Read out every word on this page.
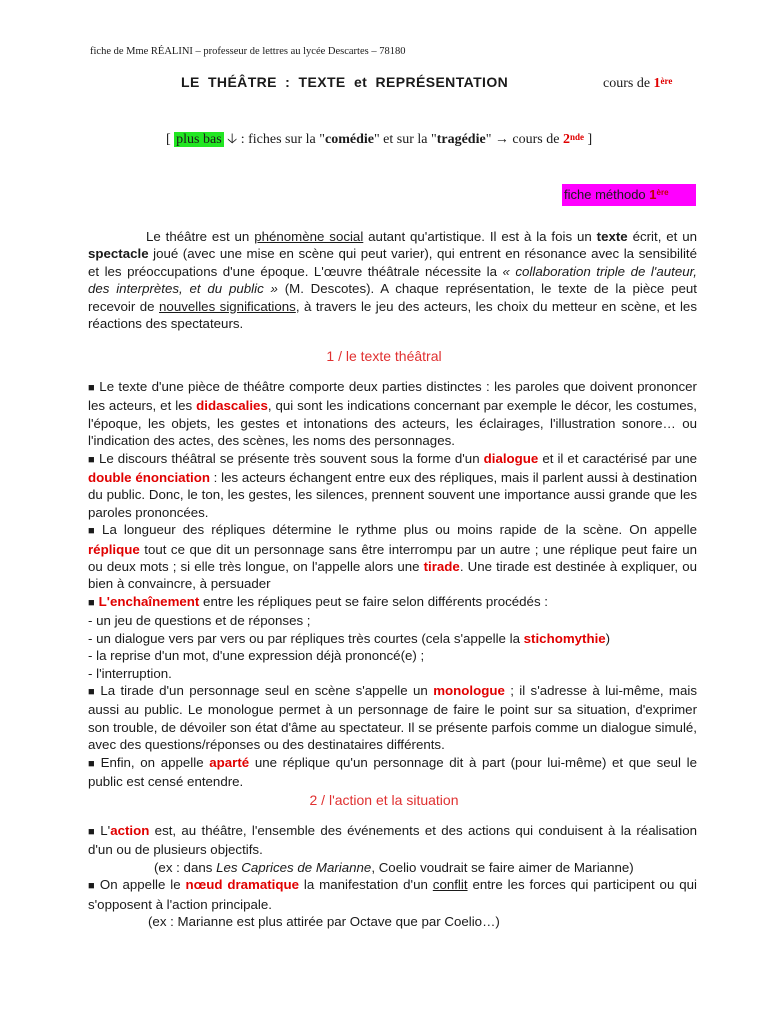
fiche de Mme RÉALINI – professeur de lettres au lycée Descartes – 78180
LE THÉÂTRE : TEXTE et REPRÉSENTATION	cours de 1ère
[ plus bas 🡣 : fiches sur la "comédie" et sur la "tragédie" → cours de 2nde ]
fiche méthodo 1ère
Le théâtre est un phénomène social autant qu'artistique. Il est à la fois un texte écrit, et un spectacle joué (avec une mise en scène qui peut varier), qui entrent en résonance avec la sensibilité et les préoccupations d'une époque. L'œuvre théâtrale nécessite la « collaboration triple de l'auteur, des interprètes, et du public » (M. Descotes). A chaque représentation, le texte de la pièce peut recevoir de nouvelles significations, à travers le jeu des acteurs, les choix du metteur en scène, et les réactions des spectateurs.
1 / le texte théâtral

■ Le texte d'une pièce de théâtre comporte deux parties distinctes : les paroles que doivent prononcer les acteurs, et les didascalies, qui sont les indications concernant par exemple le décor, les costumes, l'époque, les objets, les gestes et intonations des acteurs, les éclairages, l'illustration sonore… ou l'indication des actes, des scènes, les noms des personnages.

■ Le discours théâtral se présente très souvent sous la forme d'un dialogue et il et caractérisé par une double énonciation : les acteurs échangent entre eux des répliques, mais il parlent aussi à destination du public. Donc, le ton, les gestes, les silences, prennent souvent une importance aussi grande que les paroles prononcées.

■ La longueur des répliques détermine le rythme plus ou moins rapide de la scène. On appelle réplique tout ce que dit un personnage sans être interrompu par un autre ; une réplique peut faire un ou deux mots ; si elle très longue, on l'appelle alors une tirade. Une tirade est destinée à expliquer, ou bien à convaincre, à persuader

■ L'enchaînement entre les répliques peut se faire selon différents procédés :

- un jeu de questions et de réponses ;

- un dialogue vers par vers ou par répliques très courtes (cela s'appelle la stichomythie)

- la reprise d'un mot, d'une expression déjà prononcé(e) ;

- l'interruption.

■ La tirade d'un personnage seul en scène s'appelle un monologue ; il s'adresse à lui-même, mais aussi au public. Le monologue permet à un personnage de faire le point sur sa situation, d'exprimer son trouble, de dévoiler son état d'âme au spectateur. Il se présente parfois comme un dialogue simulé, avec des questions/réponses ou des destinataires différents.

■ Enfin, on appelle aparté une réplique qu'un personnage dit à part (pour lui-même) et que seul le public est censé entendre.

2 / l'action et la situation

■ L'action est, au théâtre, l'ensemble des événements et des actions qui conduisent à la réalisation d'un ou de plusieurs objectifs.

(ex : dans Les Caprices de Marianne, Coelio voudrait se faire aimer de Marianne)

■ On appelle le nœud dramatique la manifestation d'un conflit entre les forces qui participent ou qui s'opposent à l'action principale.

(ex : Marianne est plus attirée par Octave que par Coelio…)
